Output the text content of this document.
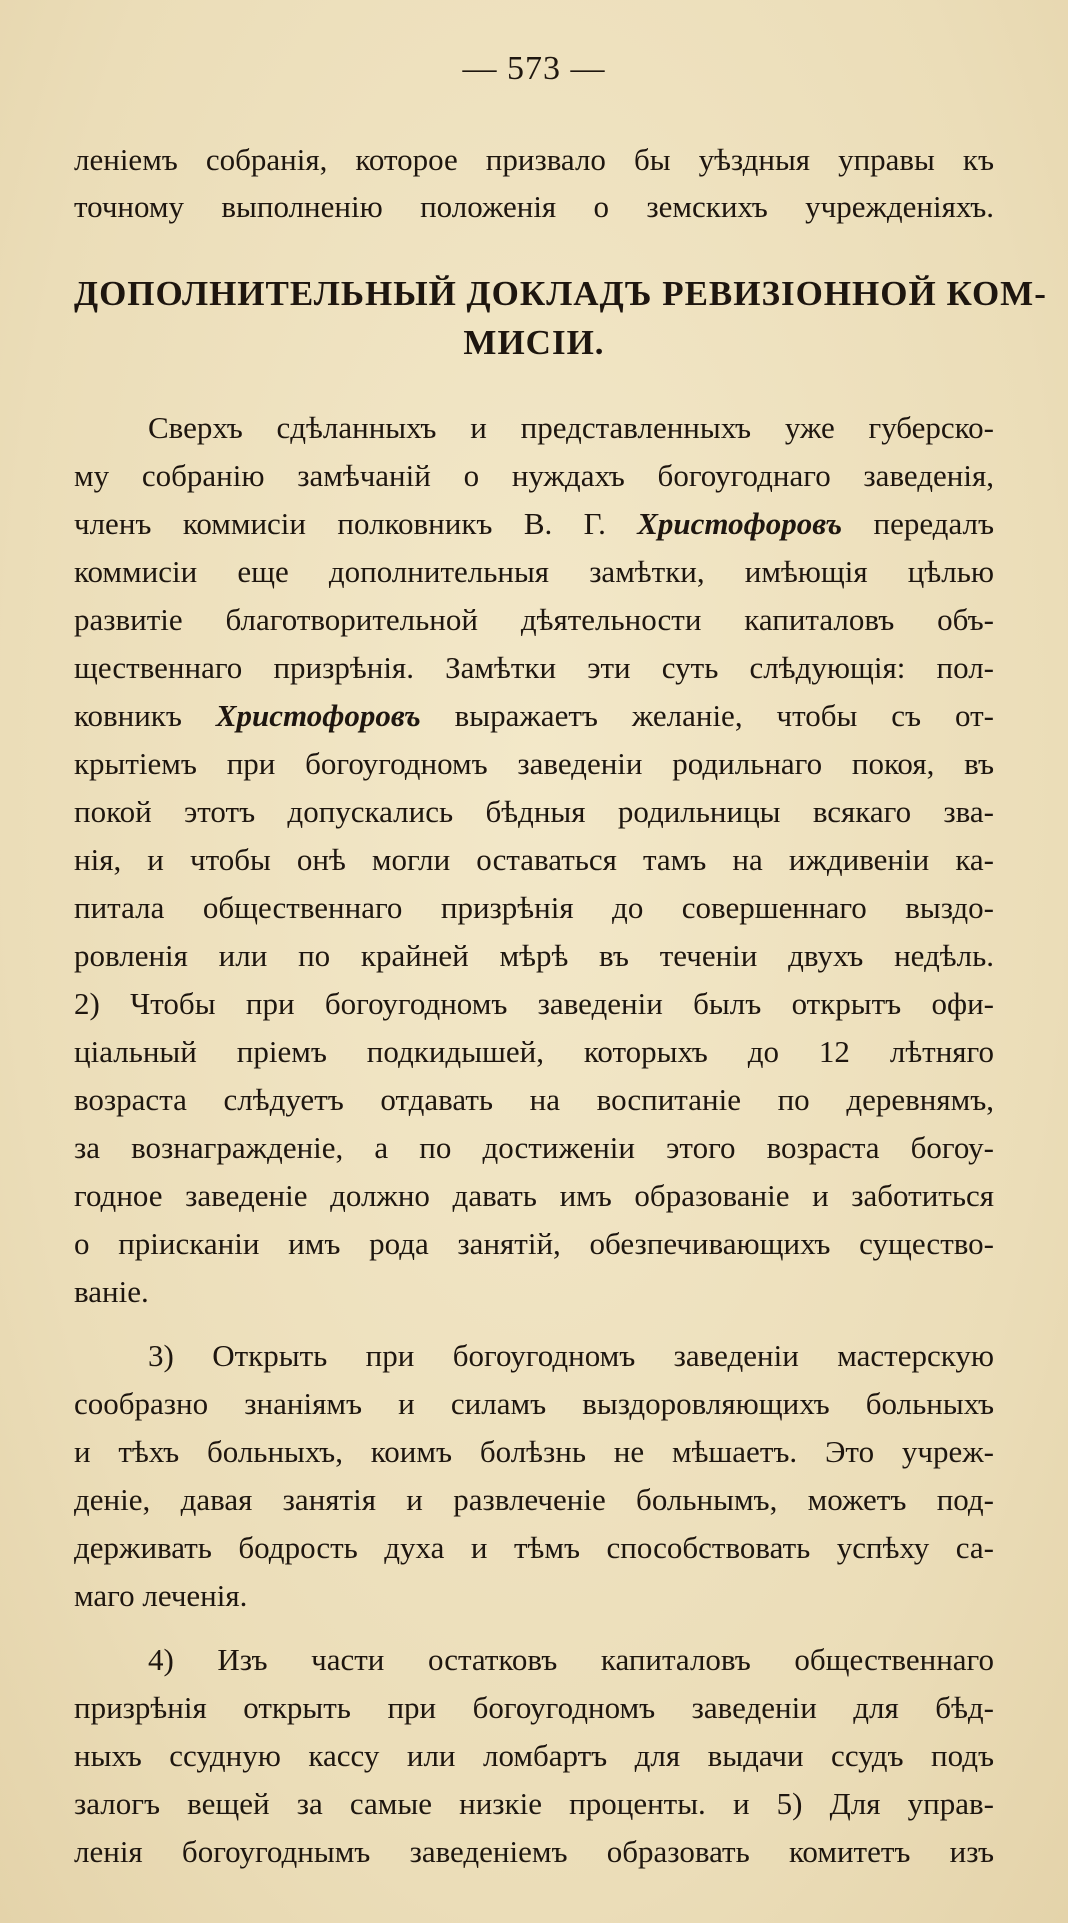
— 573 —
леніемъ собранія, которое призвало бы уѣздныя управы къ
точному выполненію положенія о земскихъ учрежденіяхъ.
ДОПОЛНИТЕЛЬНЫЙ ДОКЛАДЪ РЕВИЗІОННОЙ КОМ-
МИСІИ.
Сверхъ сдѣланныхъ и представленныхъ уже губерско-
му собранію замѣчаній о нуждахъ богоугоднаго заведенія,
членъ коммисіи полковникъ В. Г. Христофоровъ передалъ
коммисіи еще дополнительныя замѣтки, имѣющія цѣлью
развитіе благотворительной дѣятельности капиталовъ объ-
щественнаго призрѣнія. Замѣтки эти суть слѣдующія: пол-
ковникъ Христофоровъ выражаетъ желаніе, чтобы съ от-
крытіемъ при богоугодномъ заведеніи родильнаго покоя, въ
покой этотъ допускались бѣдныя родильницы всякаго зва-
нія, и чтобы онѣ могли оставаться тамъ на иждивеніи ка-
питала общественнаго призрѣнія до совершеннаго выздо-
ровленія или по крайней мѣрѣ въ теченіи двухъ недѣль.
2) Чтобы при богоугодномъ заведеніи былъ открытъ офи-
ціальный пріемъ подкидышей, которыхъ до 12 лѣтняго
возраста слѣдуетъ отдавать на воспитаніе по деревнямъ,
за вознагражденіе, а по достиженіи этого возраста богоу-
годное заведеніе должно давать имъ образованіе и заботиться
о пріисканіи имъ рода занятій, обезпечивающихъ существо-
ваніе.
3) Открыть при богоугодномъ заведеніи мастерскую
сообразно знаніямъ и силамъ выздоровляющихъ больныхъ
и тѣхъ больныхъ, коимъ болѣзнь не мѣшаетъ. Это учреж-
деніе, давая занятія и развлеченіе больнымъ, можетъ под-
держивать бодрость духа и тѣмъ способствовать успѣху са-
маго леченія.
4) Изъ части остатковъ капиталовъ общественнаго
призрѣнія открыть при богоугодномъ заведеніи для бѣд-
ныхъ ссудную кассу или ломбартъ для выдачи ссудъ подъ
залогъ вещей за самые низкіе проценты. и 5) Для управ-
ленія богоугоднымъ заведеніемъ образовать комитетъ изъ
